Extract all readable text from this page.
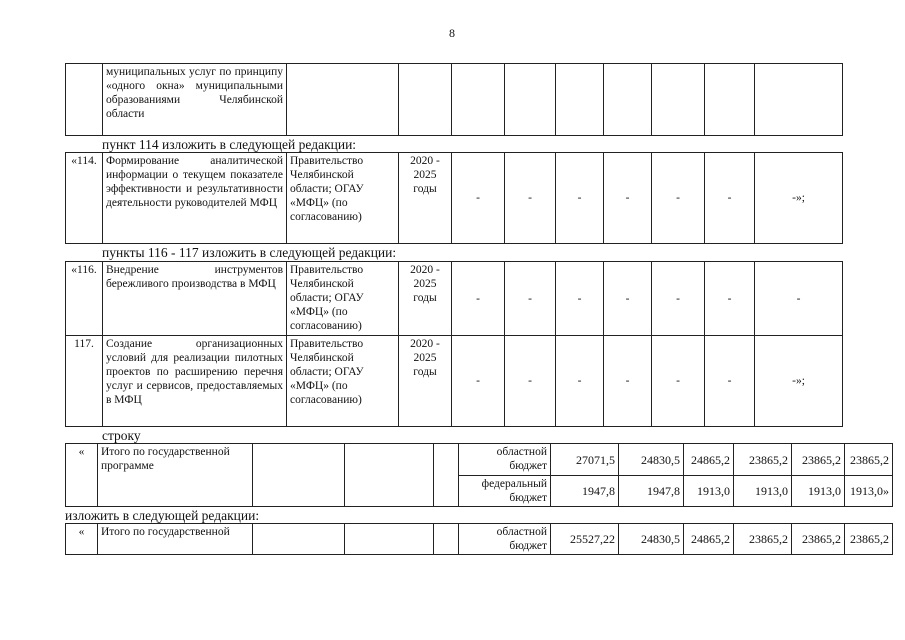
8
	муниципальных услуг по принципу «одного окна» муниципальными образованиями Челябинской области									
пункт 114 изложить в следующей редакции:
«114.	Формирование аналитической информации о текущем показателе эффективности и результативности деятельности руководителей МФЦ	Правительство Челябинской области; ОГАУ «МФЦ» (по согласованию)	2020 - 2025 годы	-	-	-	-	-	-	-»;
пункты 116 - 117 изложить в следующей редакции:
«116.	Внедрение инструментов бережливого производства в МФЦ	Правительство Челябинской области; ОГАУ «МФЦ» (по согласованию)	2020 - 2025 годы	-	-	-	-	-	-	-
117.	Создание организационных условий для реализации пилотных проектов по расширению перечня услуг и сервисов, предоставляемых в МФЦ	Правительство Челябинской области; ОГАУ «МФЦ» (по согласованию)	2020 - 2025 годы	-	-	-	-	-	-	-»;
строку
«	Итого по государственной программе				областной бюджет	27071,5	24830,5	24865,2	23865,2	23865,2	23865,2
					федеральный бюджет	1947,8	1947,8	1913,0	1913,0	1913,0	1913,0»
изложить в следующей редакции:
«	Итого по государственной				областной бюджет	25527,22	24830,5	24865,2	23865,2	23865,2	23865,2
